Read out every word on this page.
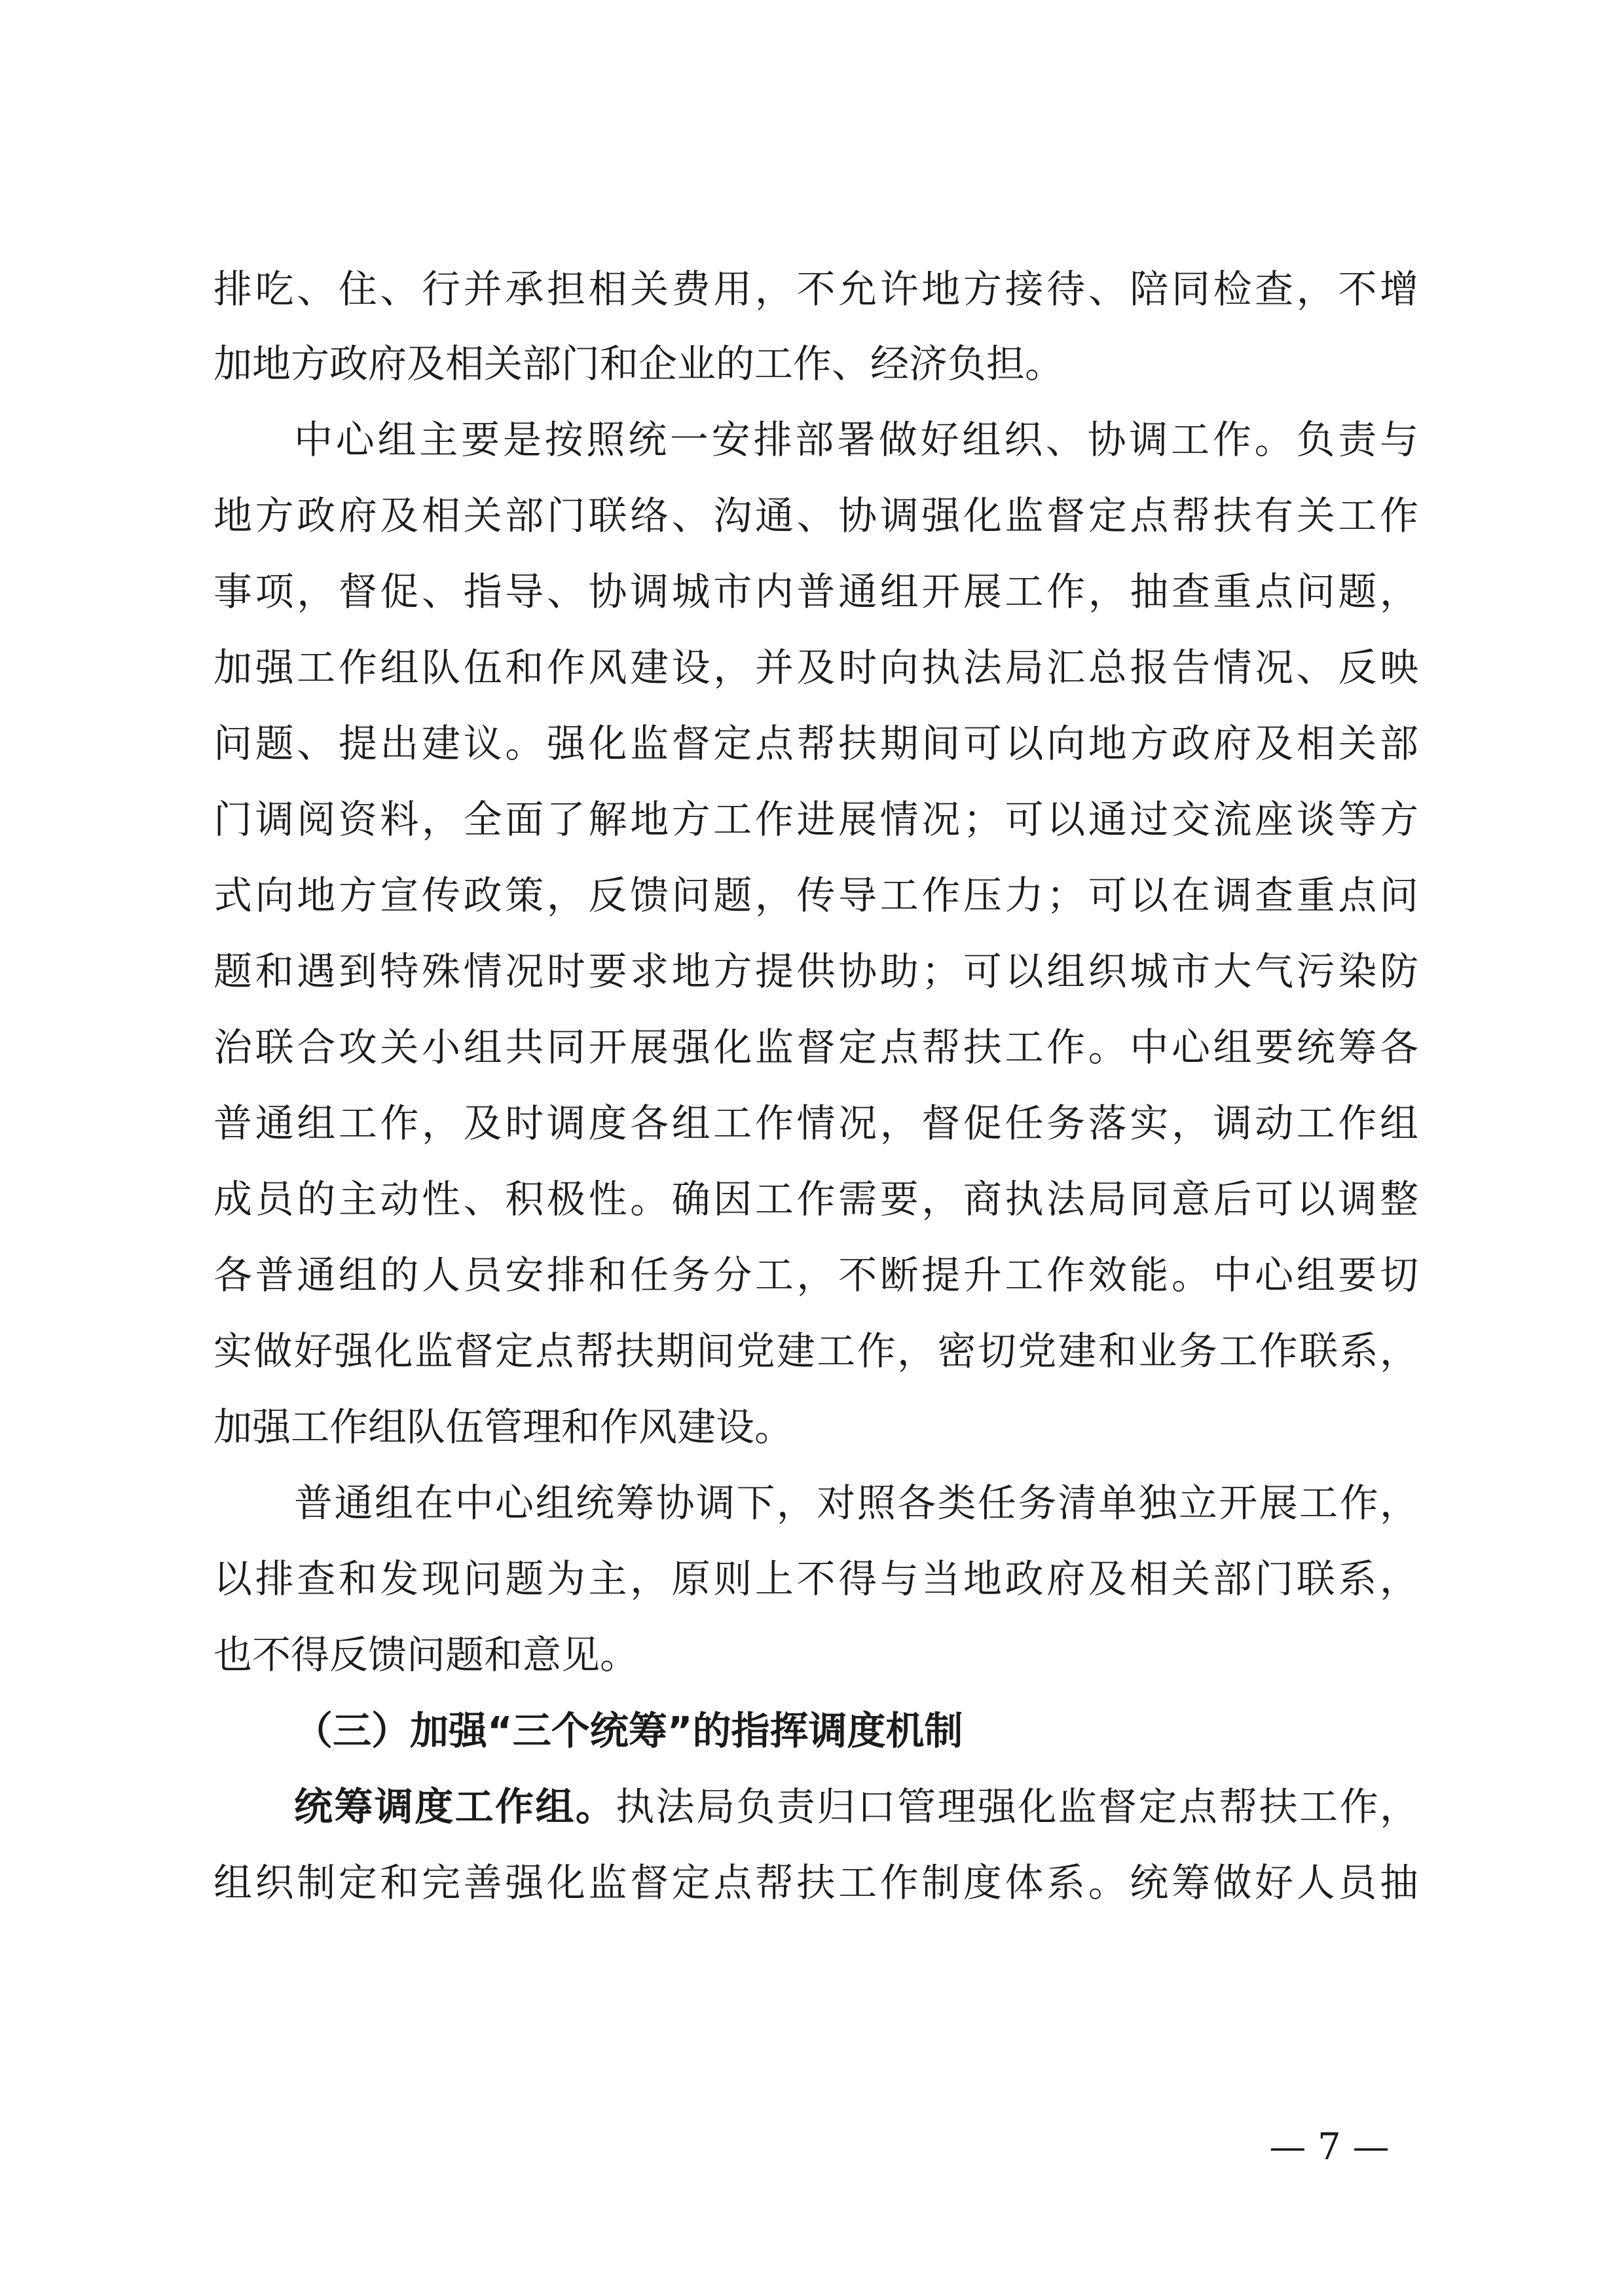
排吃、住、行并承担相关费用，不允许地方接待、陪同检查，不增
加地方政府及相关部门和企业的工作、经济负担。
中心组主要是按照统一安排部署做好组织、协调工作。负责与
地方政府及相关部门联络、沟通、协调强化监督定点帮扶有关工作
事项，督促、指导、协调城市内普通组开展工作，抽查重点问题，
加强工作组队伍和作风建设，并及时向执法局汇总报告情况、反映
问题、提出建议。强化监督定点帮扶期间可以向地方政府及相关部
门调阅资料，全面了解地方工作进展情况；可以通过交流座谈等方
式向地方宣传政策，反馈问题，传导工作压力；可以在调查重点问
题和遇到特殊情况时要求地方提供协助；可以组织城市大气污染防
治联合攻关小组共同开展强化监督定点帮扶工作。中心组要统筹各
普通组工作，及时调度各组工作情况，督促任务落实，调动工作组
成员的主动性、积极性。确因工作需要，商执法局同意后可以调整
各普通组的人员安排和任务分工，不断提升工作效能。中心组要切
实做好强化监督定点帮扶期间党建工作，密切党建和业务工作联系，
加强工作组队伍管理和作风建设。
普通组在中心组统筹协调下，对照各类任务清单独立开展工作，
以排查和发现问题为主，原则上不得与当地政府及相关部门联系，
也不得反馈问题和意见。
（三）加强“三个统筹”的指挥调度机制
统筹调度工作组。执法局负责归口管理强化监督定点帮扶工作，
组织制定和完善强化监督定点帮扶工作制度体系。统筹做好人员抽
— 7 —
